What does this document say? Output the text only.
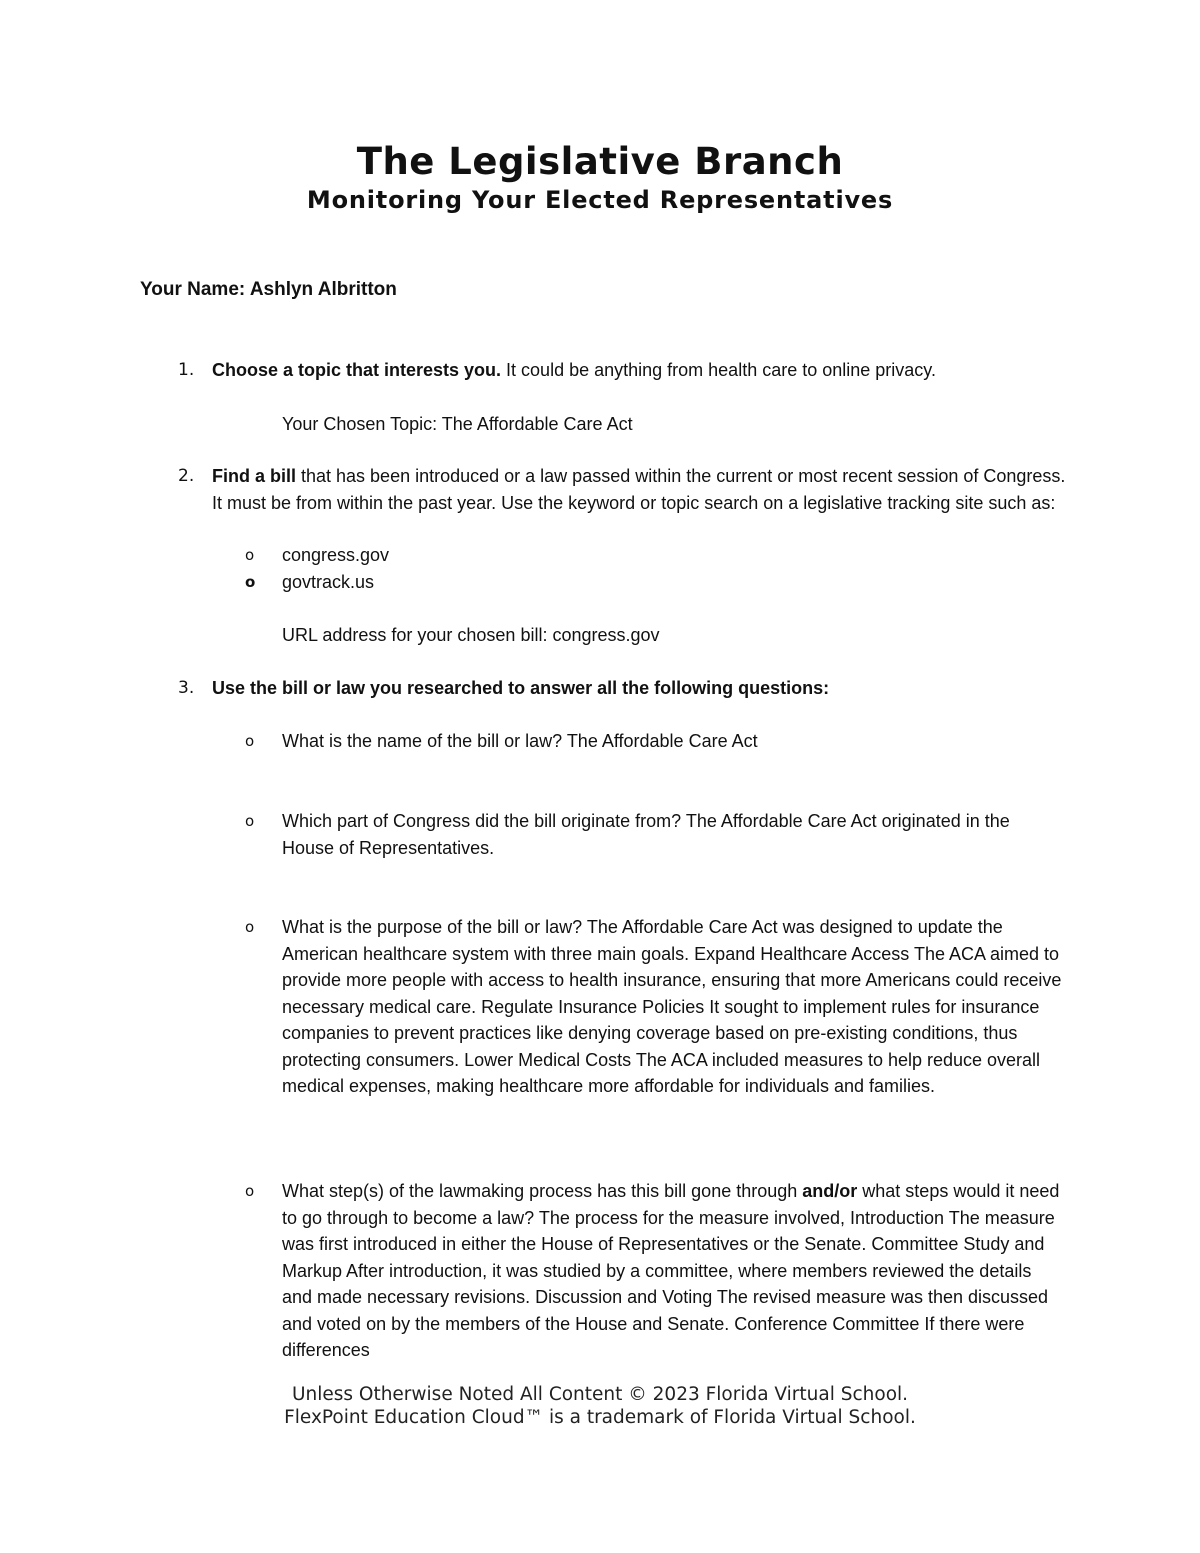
The Legislative Branch
Monitoring Your Elected Representatives
Your Name: Ashlyn Albritton
1. Choose a topic that interests you. It could be anything from health care to online privacy.
Your Chosen Topic: The Affordable Care Act
2. Find a bill that has been introduced or a law passed within the current or most recent session of Congress. It must be from within the past year. Use the keyword or topic search on a legislative tracking site such as:
o	congress.gov
o	govtrack.us
URL address for your chosen bill: congress.gov
3. Use the bill or law you researched to answer all the following questions:
o	What is the name of the bill or law? The Affordable Care Act
o	Which part of Congress did the bill originate from? The Affordable Care Act originated in the House of Representatives.
o	What is the purpose of the bill or law? The Affordable Care Act was designed to update the American healthcare system with three main goals. Expand Healthcare Access The ACA aimed to provide more people with access to health insurance, ensuring that more Americans could receive necessary medical care. Regulate Insurance Policies It sought to implement rules for insurance companies to prevent practices like denying coverage based on pre-existing conditions, thus protecting consumers. Lower Medical Costs The ACA included measures to help reduce overall medical expenses, making healthcare more affordable for individuals and families.
o	What step(s) of the lawmaking process has this bill gone through and/or what steps would it need to go through to become a law? The process for the measure involved, Introduction The measure was first introduced in either the House of Representatives or the Senate. Committee Study and Markup After introduction, it was studied by a committee, where members reviewed the details and made necessary revisions. Discussion and Voting The revised measure was then discussed and voted on by the members of the House and Senate. Conference Committee If there were differences
Unless Otherwise Noted All Content © 2023 Florida Virtual School.
FlexPoint Education Cloud™ is a trademark of Florida Virtual School.
